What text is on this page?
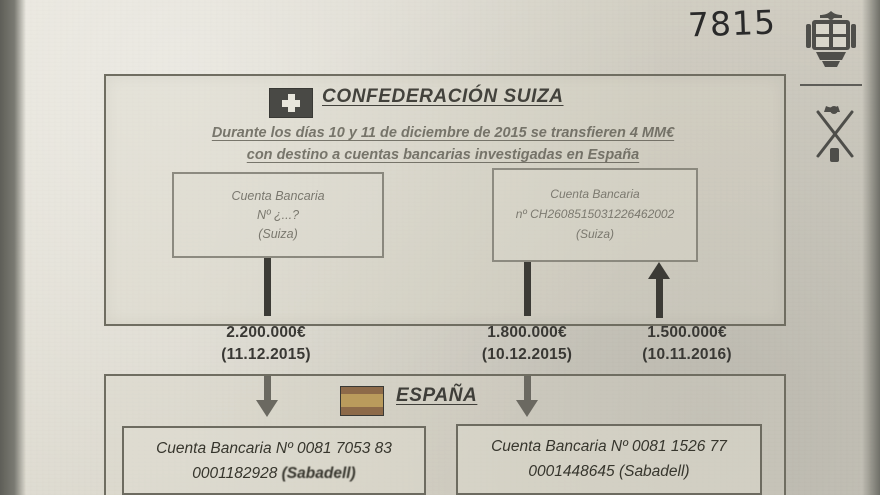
7815
CONFEDERACIÓN SUIZA
Durante los días 10 y 11 de diciembre de 2015 se transfieren 4 MM€
con destino a cuentas bancarias investigadas en España
Cuenta Bancaria
Nº ¿...?
(Suiza)
Cuenta Bancaria
nº CH2608515031226462002
(Suiza)
2.200.000€
(11.12.2015)
1.800.000€
(10.12.2015)
1.500.000€
(10.11.2016)
ESPAÑA
Cuenta Bancaria Nº 0081 7053 83 0001182928 (Sabadell)
Cuenta Bancaria Nº 0081 1526 77 0001448645 (Sabadell)
